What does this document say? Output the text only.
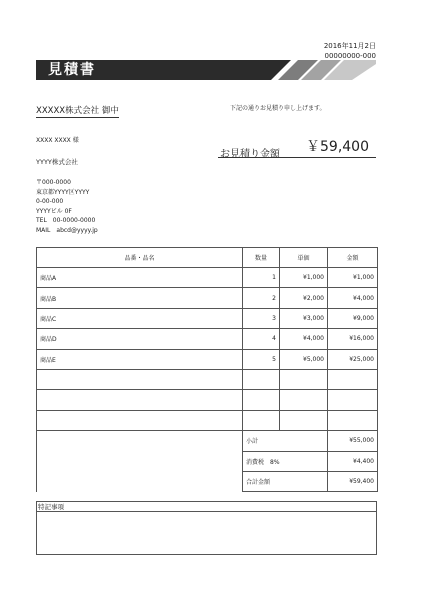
2016年11月2日
00000000-000
見積書
XXXXX株式会社 御中	下記の通りお見積り申し上げます。
XXXX XXXX 様
YYYY株式会社
〒000-0000
東京都YYYY区YYYY
0-00-000
YYYYビル 0F
TEL　00-0000-0000
MAIL　abcd@yyyy.jp
お見積り金額 ￥59,400
品番・品名	数量	単価	金額
商品A	1	¥1,000	¥1,000
商品B	2	¥2,000	¥4,000
商品C	3	¥3,000	¥9,000
商品D	4	¥4,000	¥16,000
商品E	5	¥5,000	¥25,000

	小計		¥55,000
	消費税　8%		¥4,400
	合計金額		¥59,400
特記事項
